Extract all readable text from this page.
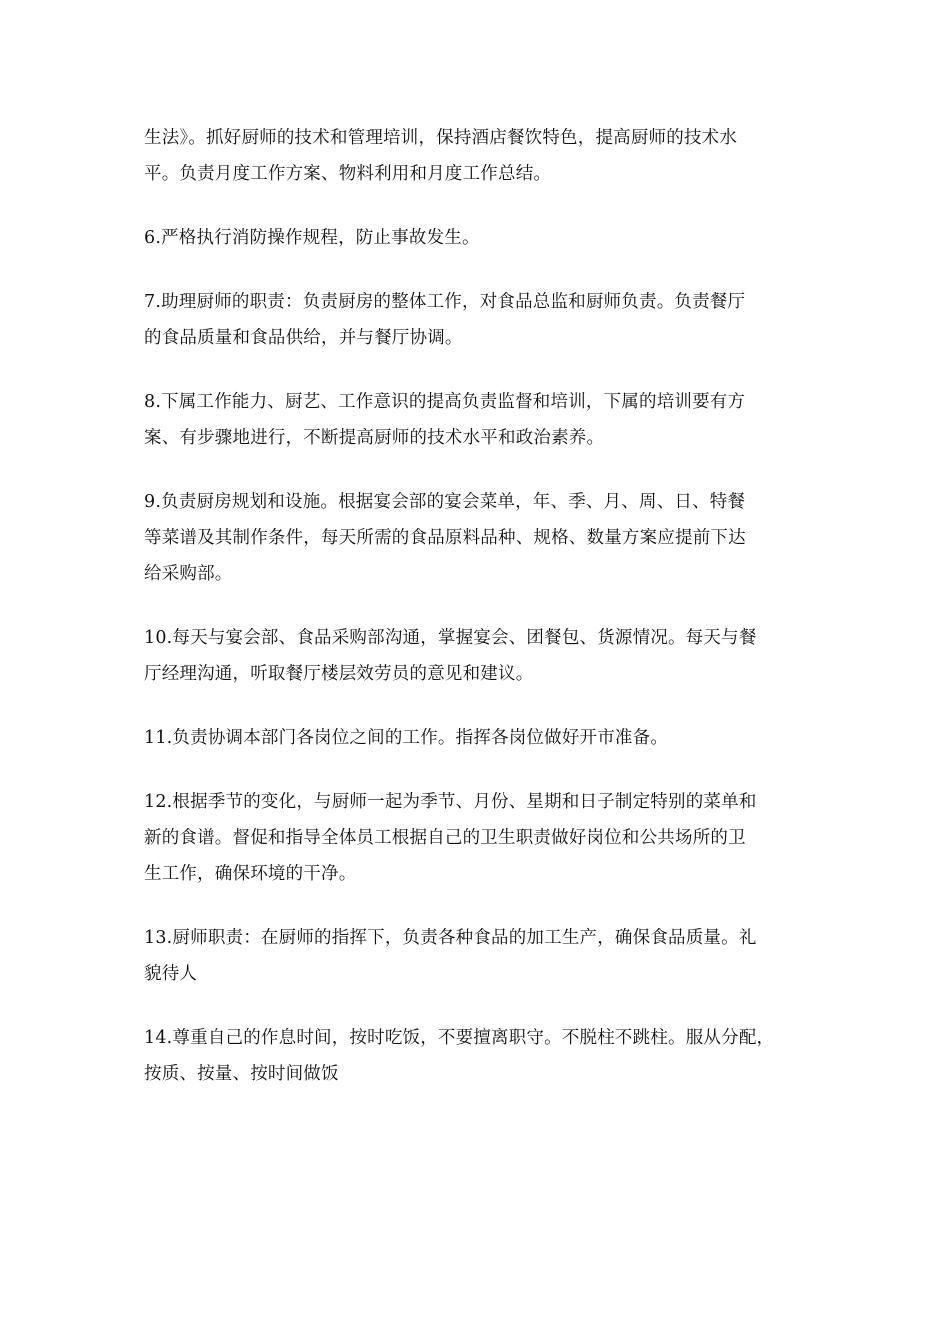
生法》。抓好厨师的技术和管理培训，保持酒店餐饮特色，提高厨师的技术水
平。负责月度工作方案、物料利用和月度工作总结。

6.严格执行消防操作规程，防止事故发生。

7.助理厨师的职责：负责厨房的整体工作，对食品总监和厨师负责。负责餐厅
的食品质量和食品供给，并与餐厅协调。

8.下属工作能力、厨艺、工作意识的提高负责监督和培训，下属的培训要有方
案、有步骤地进行，不断提高厨师的技术水平和政治素养。

9.负责厨房规划和设施。根据宴会部的宴会菜单，年、季、月、周、日、特餐
等菜谱及其制作条件，每天所需的食品原料品种、规格、数量方案应提前下达
给采购部。

10.每天与宴会部、食品采购部沟通，掌握宴会、团餐包、货源情况。每天与餐
厅经理沟通，听取餐厅楼层效劳员的意见和建议。

11.负责协调本部门各岗位之间的工作。指挥各岗位做好开市准备。

12.根据季节的变化，与厨师一起为季节、月份、星期和日子制定特别的菜单和
新的食谱。督促和指导全体员工根据自己的卫生职责做好岗位和公共场所的卫
生工作，确保环境的干净。

13.厨师职责：在厨师的指挥下，负责各种食品的加工生产，确保食品质量。礼
貌待人

14.尊重自己的作息时间，按时吃饭，不要擅离职守。不脱柱不跳柱。服从分配，
按质、按量、按时间做饭
